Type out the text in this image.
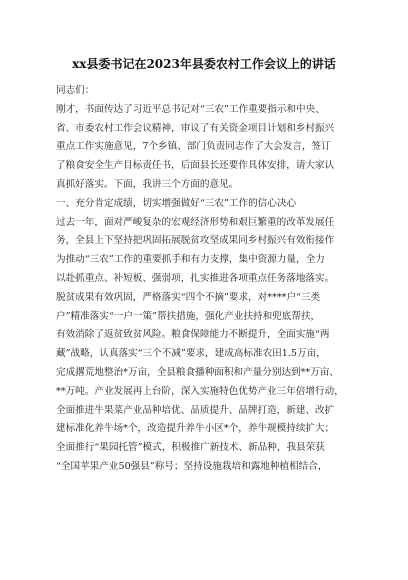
xx县委书记在2023年县委农村工作会议上的讲话
同志们：
刚才，书面传达了习近平总书记对“三农”工作重要指示和中央、
省、市委农村工作会议精神，审议了有关资金项目计划和乡村振兴
重点工作实施意见，7个乡镇、部门负责同志作了大会发言，签订
了粮食安全生产目标责任书，后面县长还要作具体安排，请大家认
真抓好落实。下面，我讲三个方面的意见。
一、充分肯定成绩，切实增强做好“三农”工作的信心决心
过去一年，面对严峻复杂的宏观经济形势和艰巨繁重的改革发展任
务，全县上下坚持把巩固拓展脱贫攻坚成果同乡村振兴有效衔接作
为推动“三农”工作的重要抓手和有力支撑，集中资源力量，全力
以赴抓重点、补短板、强弱项，扎实推进各项重点任务落地落实。
脱贫成果有效巩固，严格落实“四个不摘”要求，对****户“三类
户”精准落实“一户一策”帮扶措施，强化产业扶持和兜底帮扶，
有效消除了返贫致贫风险。粮食保障能力不断提升，全面实施“两
藏”战略，认真落实“三个不减”要求，建成高标准农田1.5万亩，
完成撂荒地整治*万亩，全县粮食播种面积和产量分别达到**万亩、
**万吨。产业发展再上台阶，深入实施特色优势产业三年倍增行动，
全面推进牛果菜产业品种培优、品质提升、品牌打造，新建、改扩
建标准化养牛场*个，改造提升养牛小区*个，养牛规模持续扩大；
全面推行“果园托管”模式，积极推广新技术、新品种，我县荣获
“全国苹果产业50强县”称号；坚持设施栽培和露地种植相结合，
